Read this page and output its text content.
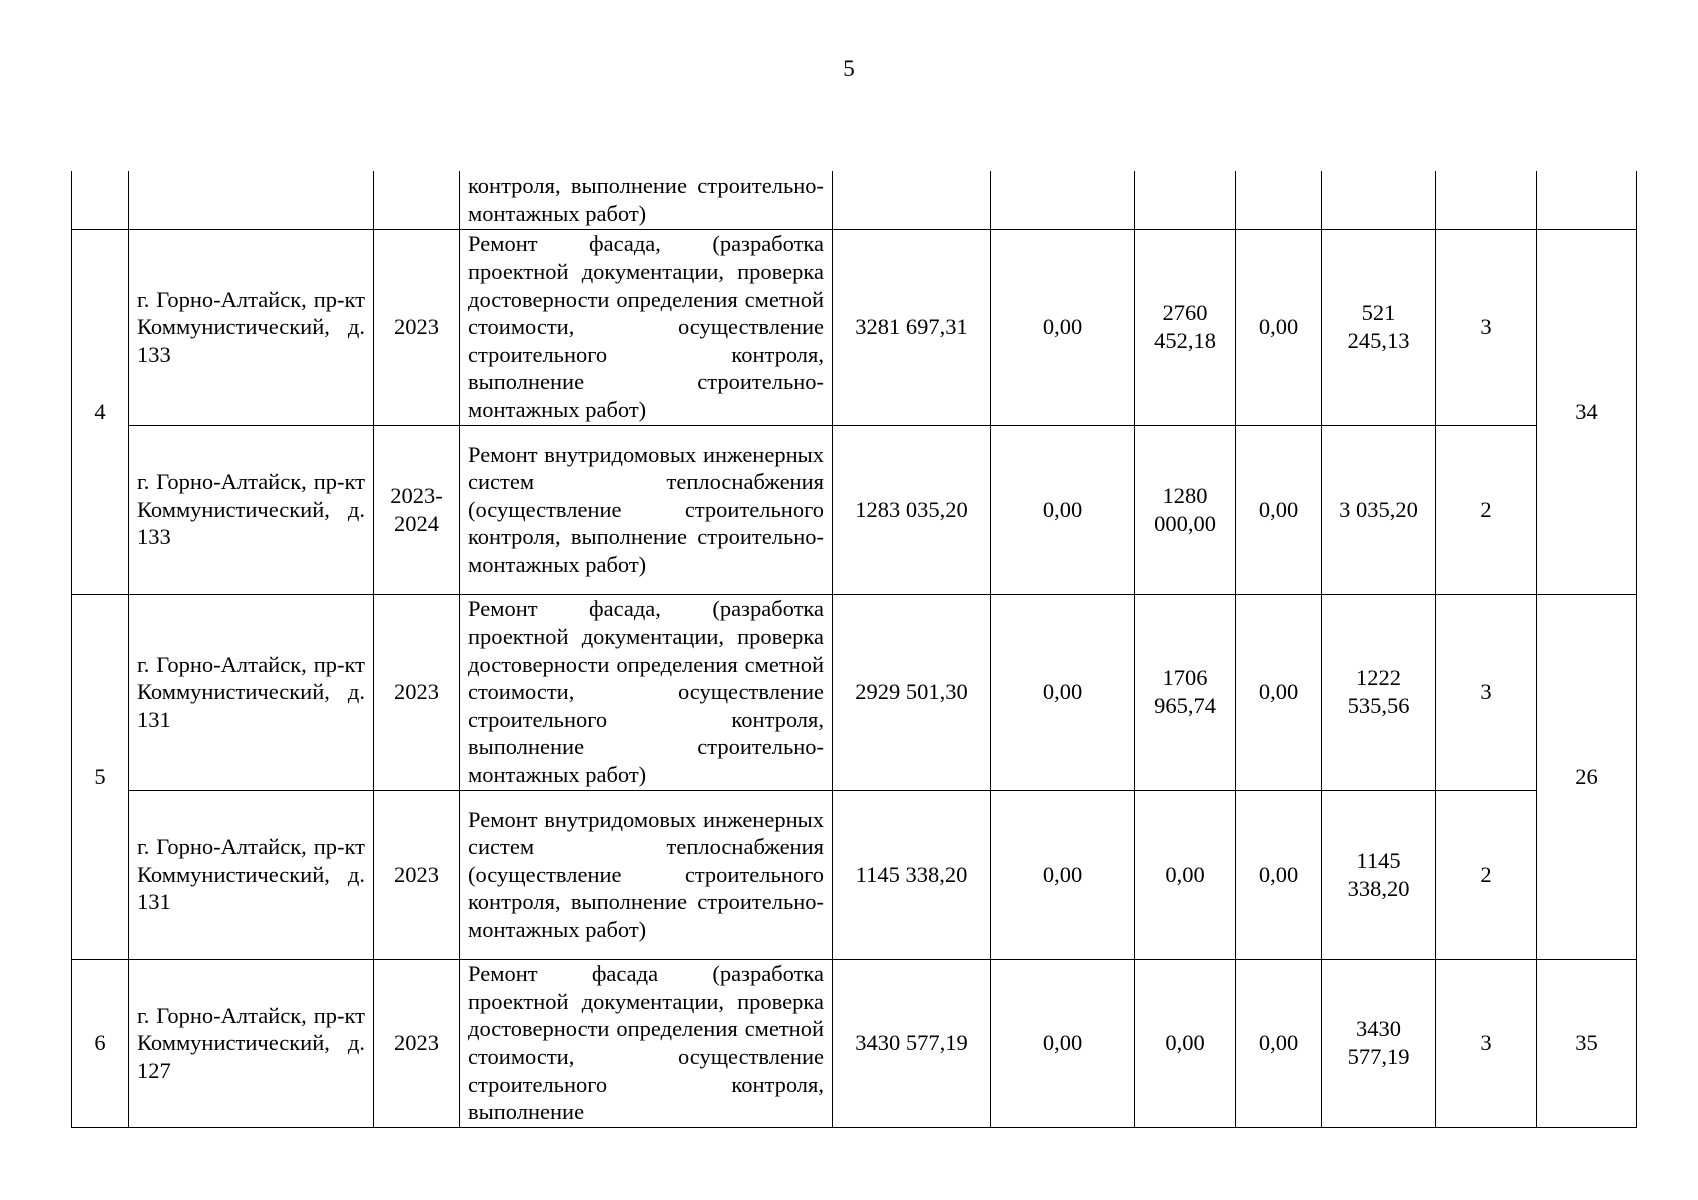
5
			контроля, выполнение строительно-монтажных работ)							
4	г. Горно-Алтайск, пр-кт Коммунистический, д. 133	2023	Ремонт фасада, (разработка проектной документации, проверка достоверности определения сметной стоимости, осуществление строительного контроля, выполнение строительно-монтажных работ)	3281 697,31	0,00	2760 452,18	0,00	521 245,13	3	34
	г. Горно-Алтайск, пр-кт Коммунистический, д. 133	2023-2024	Ремонт внутридомовых инженерных систем теплоснабжения (осуществление строительного контроля, выполнение строительно-монтажных работ)	1283 035,20	0,00	1280 000,00	0,00	3 035,20	2	
5	г. Горно-Алтайск, пр-кт Коммунистический, д. 131	2023	Ремонт фасада, (разработка проектной документации, проверка достоверности определения сметной стоимости, осуществление строительного контроля, выполнение строительно-монтажных работ)	2929 501,30	0,00	1706 965,74	0,00	1222 535,56	3	26
	г. Горно-Алтайск, пр-кт Коммунистический, д. 131	2023	Ремонт внутридомовых инженерных систем теплоснабжения (осуществление строительного контроля, выполнение строительно-монтажных работ)	1145 338,20	0,00	0,00	0,00	1145 338,20	2	
6	г. Горно-Алтайск, пр-кт Коммунистический, д. 127	2023	Ремонт фасада (разработка проектной документации, проверка достоверности определения сметной стоимости, осуществление строительного контроля, выполнение	3430 577,19	0,00	0,00	0,00	3430 577,19	3	35
